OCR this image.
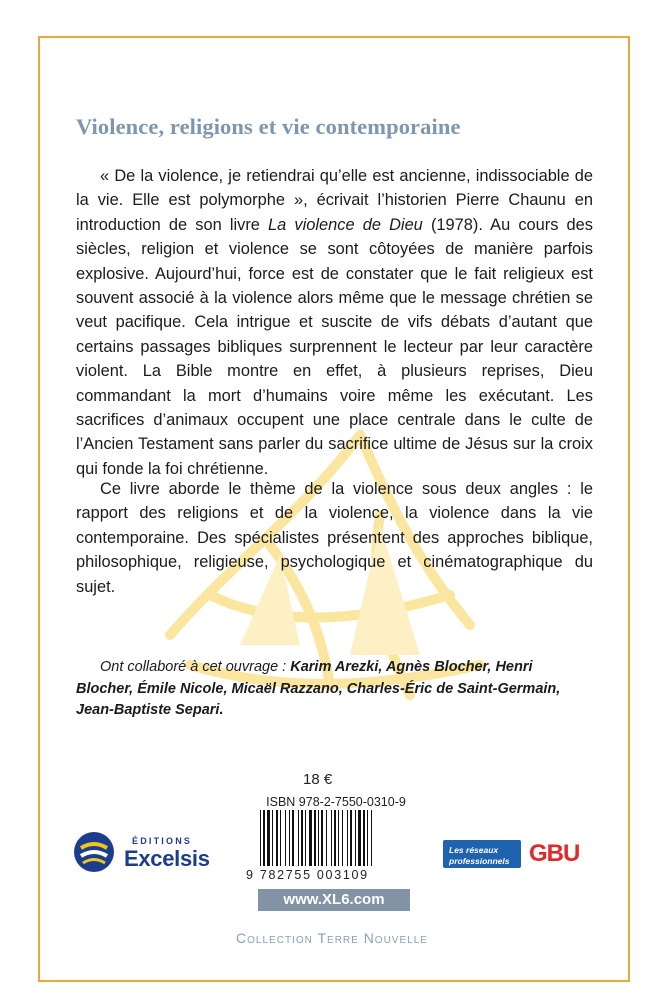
Violence, religions et vie contemporaine

« De la violence, je retiendrai qu’elle est ancienne, indissociable de la vie. Elle est polymorphe », écrivait l’historien Pierre Chaunu en introduction de son livre La violence de Dieu (1978). Au cours des siècles, religion et violence se sont côtoyées de manière parfois explosive. Aujourd’hui, force est de constater que le fait religieux est souvent associé à la violence alors même que le message chrétien se veut pacifique. Cela intrigue et suscite de vifs débats d’autant que certains passages bibliques surprennent le lecteur par leur caractère violent. La Bible montre en effet, à plusieurs reprises, Dieu commandant la mort d’humains voire même les exécutant. Les sacrifices d’animaux occupent une place centrale dans le culte de l’Ancien Testament sans parler du sacrifice ultime de Jésus sur la croix qui fonde la foi chrétienne.

Ce livre aborde le thème de la violence sous deux angles : le rapport des religions et de la violence, la violence dans la vie contemporaine. Des spécialistes présentent des approches biblique, philosophique, religieuse, psychologique et cinématographique du sujet.

Ont collaboré à cet ouvrage : Karim Arezki, Agnès Blocher, Henri Blocher, Émile Nicole, Micaël Razzano, Charles-Éric de Saint-Germain, Jean-Baptiste Separi.

18 €
ISBN 978-2-7550-0310-9
9 782755 003109
www.XL6.com
Collection Terre Nouvelle
ÉDITIONS
Excelsis	Les réseaux
professionnels GBU
